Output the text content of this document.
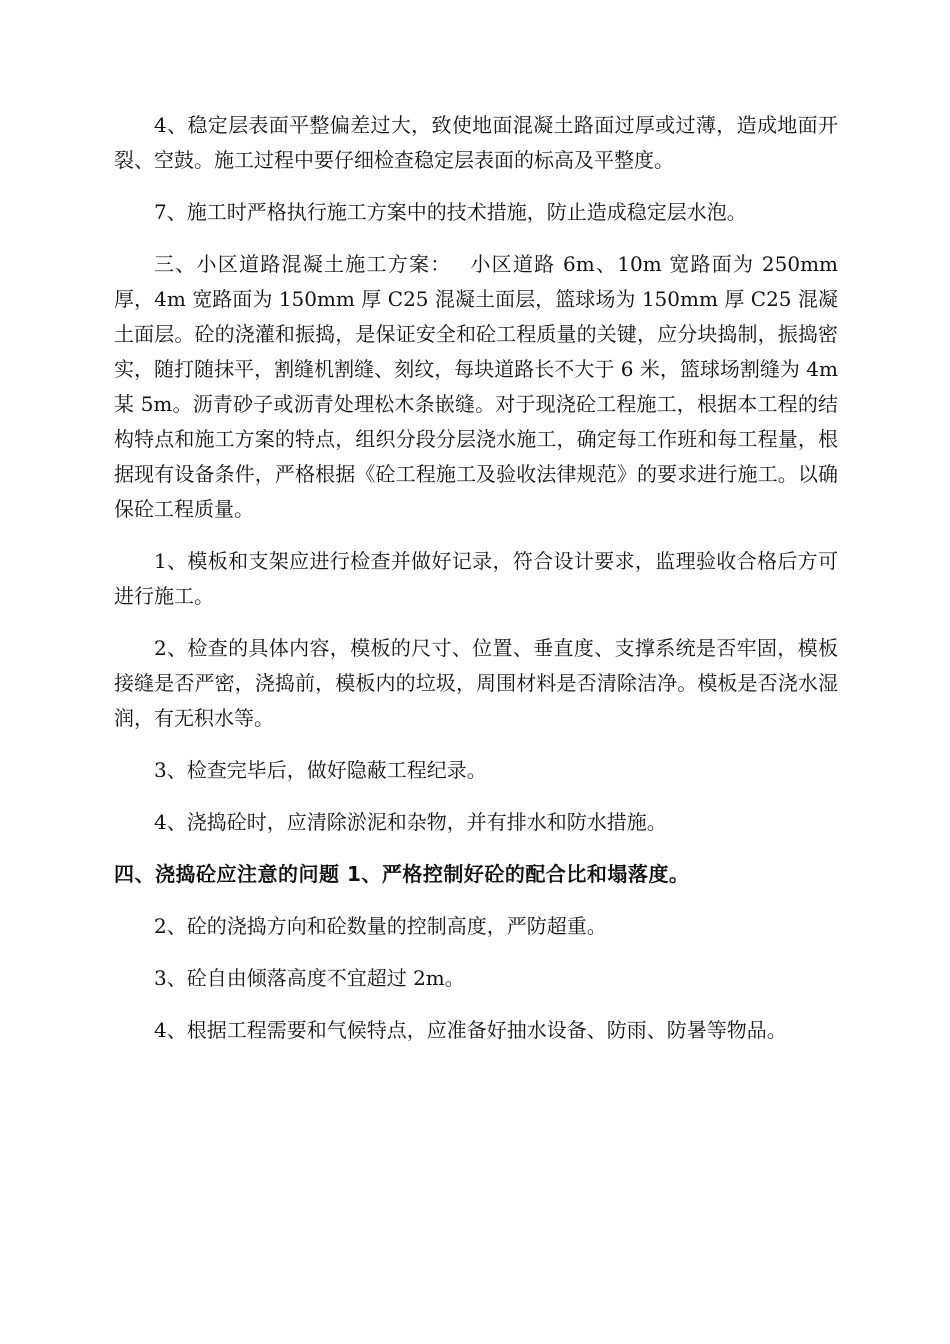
4、稳定层表面平整偏差过大，致使地面混凝土路面过厚或过薄，造成地面开裂、空鼓。施工过程中要仔细检查稳定层表面的标高及平整度。

7、施工时严格执行施工方案中的技术措施，防止造成稳定层水泡。

三、小区道路混凝土施工方案：　 小区道路 6m、10m 宽路面为 250mm 厚，4m 宽路面为 150mm 厚 C25 混凝土面层，篮球场为 150mm 厚 C25 混凝土面层。砼的浇灌和振捣，是保证安全和砼工程质量的关键，应分块捣制，振捣密实，随打随抹平，割缝机割缝、刻纹，每块道路长不大于 6 米，篮球场割缝为 4m 某 5m。沥青砂子或沥青处理松木条嵌缝。对于现浇砼工程施工，根据本工程的结构特点和施工方案的特点，组织分段分层浇水施工，确定每工作班和每工程量，根据现有设备条件，严格根据《砼工程施工及验收法律规范》的要求进行施工。以确保砼工程质量。

1、模板和支架应进行检查并做好记录，符合设计要求，监理验收合格后方可进行施工。

2、检查的具体内容，模板的尺寸、位置、垂直度、支撑系统是否牢固，模板接缝是否严密，浇捣前，模板内的垃圾，周围材料是否清除洁净。模板是否浇水湿润，有无积水等。

3、检查完毕后，做好隐蔽工程纪录。

4、浇捣砼时，应清除淤泥和杂物，并有排水和防水措施。

四、浇捣砼应注意的问题 1、严格控制好砼的配合比和塌落度。

2、砼的浇捣方向和砼数量的控制高度，严防超重。

3、砼自由倾落高度不宜超过 2m。

4、根据工程需要和气候特点，应准备好抽水设备、防雨、防暑等物品。
